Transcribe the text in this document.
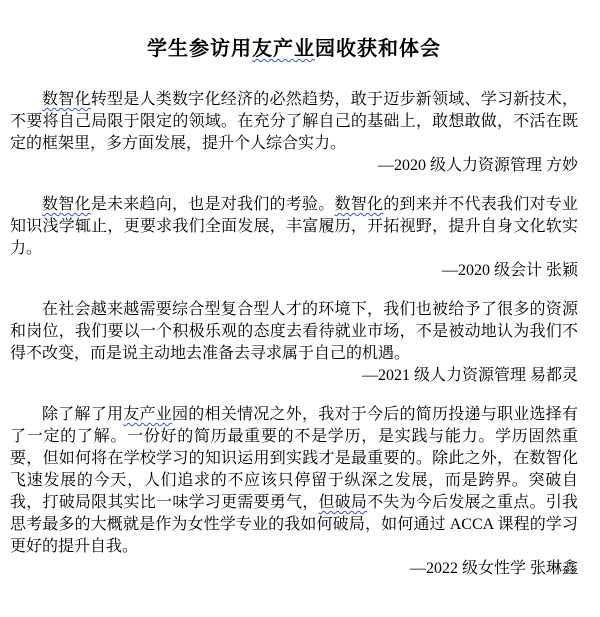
学生参访用友产业园收获和体会

数智化转型是人类数字化经济的必然趋势，敢于迈步新领域、学习新技术，不要将自己局限于限定的领域。在充分了解自己的基础上，敢想敢做，不活在既定的框架里，多方面发展，提升个人综合实力。

—2020 级人力资源管理 方妙

数智化是未来趋向，也是对我们的考验。数智化的到来并不代表我们对专业知识浅学辄止，更要求我们全面发展，丰富履历，开拓视野，提升自身文化软实力。

—2020 级会计 张颖

在社会越来越需要综合型复合型人才的环境下，我们也被给予了很多的资源和岗位，我们要以一个积极乐观的态度去看待就业市场，不是被动地认为我们不得不改变，而是说主动地去准备去寻求属于自己的机遇。

—2021 级人力资源管理 易都灵

除了解了用友产业园的相关情况之外，我对于今后的简历投递与职业选择有了一定的了解。一份好的简历最重要的不是学历，是实践与能力。学历固然重要，但如何将在学校学习的知识运用到实践才是最重要的。除此之外，在数智化飞速发展的今天，人们追求的不应该只停留于纵深之发展，而是跨界。突破自我，打破局限其实比一味学习更需要勇气，但破局不失为今后发展之重点。引我思考最多的大概就是作为女性学专业的我如何破局，如何通过 ACCA 课程的学习更好的提升自我。

—2022 级女性学 张琳鑫
